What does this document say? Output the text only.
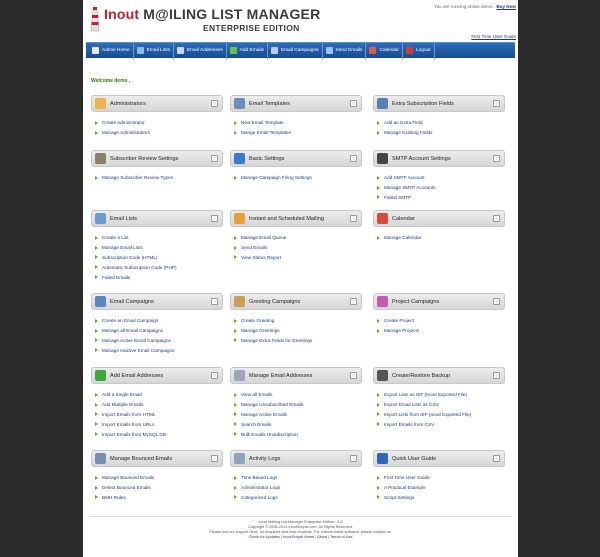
Inout M@ILING LIST MANAGER
ENTERPRISE EDITION
You are running online demo . Buy Now
First Time User Guide
Admin Home	Email Lists	Email Addresses	Add Emails	Email Campaigns	Send Emails	Calendar	Logout
Welcome demo ,
Administrators	?
Create Administrator
Manage Administrators
Email Templates	?
New Email Template
Mange Email Templates
Extra Subscription Fields	?
Add an Extra Field
Manage Existing Fields
Subscriber Review Settings	?
Manage Subscriber Review Types
Basic Settings	?
Manage Campaign Firing Settings
SMTP Account Settings	?
Add SMTP Account
Manage SMTP Accounts
Failed SMTP
Email Lists	?
Create a List
Manage Email Lists
Subscription Code (HTML)
Automatic Subscription Code (PHP)
Failed Emails
Instant and Scheduled Mailing	?
Manage Email Queue
Send Emails
View Status Report
Calendar	?
Manage Calendar
Email Campaigns	?
Create an Email Campaign
Manage all Email Campaigns
Manage Active Email Campaigns
Manage Inactive Email Campaigns
Greeting Campaigns	?
Create Greeting
Manage Greetings
Manage Extra Fields for Greetings
Project Campaigns	?
Create Project
Manage Projects
Add Email Addresses	?
Add a Single Email
Add Multiple Emails
Import Emails from HTML
Import Emails from URLs
Import Emails from MySQL DB
Manage Email Addresses	?
View all Emails
Manage Unsubscribed Emails
Manage Active Emails
Search Emails
Bulk Emails Unsubscription
Create/Restore Backup	?
Export Lists as IEF (Inout Exported File)
Export Email Lists as CSV
Import Lists from IEF (Inout Exported File)
Import Emails from CSV
Manage Bounced Emails	?
Manage Bounced Emails
Detect Bounced Emails
BMH Rules
Activity Logs	?
Time Based Logs
Administrator Logs
Categorized Logs
Quick User Guide	?
First Time User Guide
A Practical Example
Script Settings
Inout Mailing List Manager Enterprise Edition : 5.6
Copyright © 2006-2014 InoutScripts.com. All Rights Reserved.
Please use our support desk, for enquiries and help requests. For custom made software, please contact us.
Check for Updates | InoutScripts Home | About | Terms of Use
